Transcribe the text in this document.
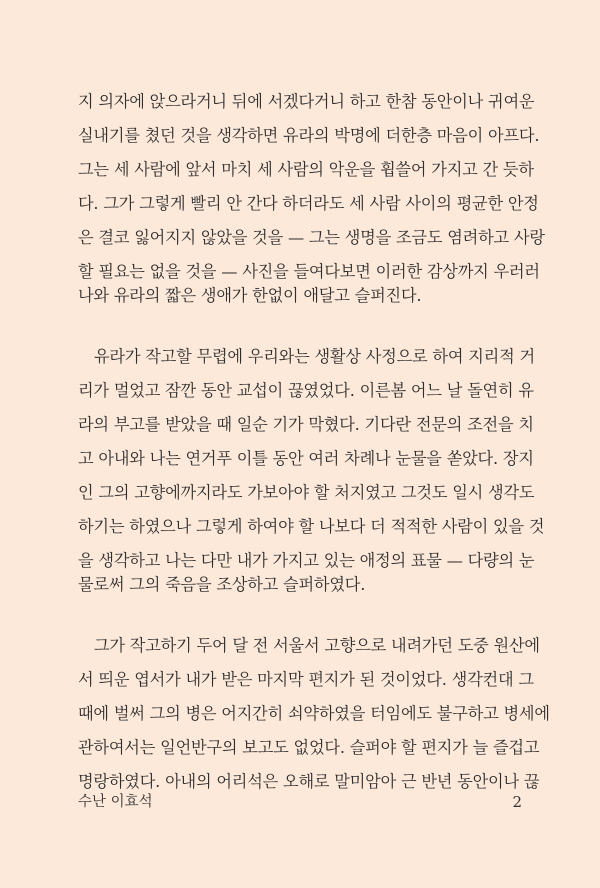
지 의자에 앉으라거니 뒤에 서겠다거니 하고 한참 동안이나 귀여운
실내기를 쳤던 것을 생각하면 유라의 박명에 더한층 마음이 아프다.
그는 세 사람에 앞서 마치 세 사람의 악운을 휩쓸어 가지고 간 듯하
다. 그가 그렇게 빨리 안 간다 하더라도 세 사람 사이의 평균한 안정
은 결코 잃어지지 않았을 것을 — 그는 생명을 조금도 염려하고 사랑
할 필요는 없을 것을 — 사진을 들여다보면 이러한 감상까지 우러러
나와 유라의 짧은 생애가 한없이 애달고 슬퍼진다.
　유라가 작고할 무렵에 우리와는 생활상 사정으로 하여 지리적 거
리가 멀었고 잠깐 동안 교섭이 끊였었다. 이른봄 어느 날 돌연히 유
라의 부고를 받았을 때 일순 기가 막혔다. 기다란 전문의 조전을 치
고 아내와 나는 연거푸 이틀 동안 여러 차례나 눈물을 쏟았다. 장지
인 그의 고향에까지라도 가보아야 할 처지였고 그것도 일시 생각도
하기는 하였으나 그렇게 하여야 할 나보다 더 적적한 사람이 있을 것
을 생각하고 나는 다만 내가 가지고 있는 애정의 표물 — 다량의 눈
물로써 그의 죽음을 조상하고 슬퍼하였다.
　그가 작고하기 두어 달 전 서울서 고향으로 내려가던 도중 원산에
서 띄운 엽서가 내가 받은 마지막 편지가 된 것이었다. 생각컨대 그
때에 벌써 그의 병은 어지간히 쇠약하였을 터임에도 불구하고 병세에
관하여서는 일언반구의 보고도 없었다. 슬퍼야 할 편지가 늘 즐겁고
명랑하였다. 아내의 어리석은 오해로 말미암아 근 반년 동안이나 끊
수난 이효석	2
